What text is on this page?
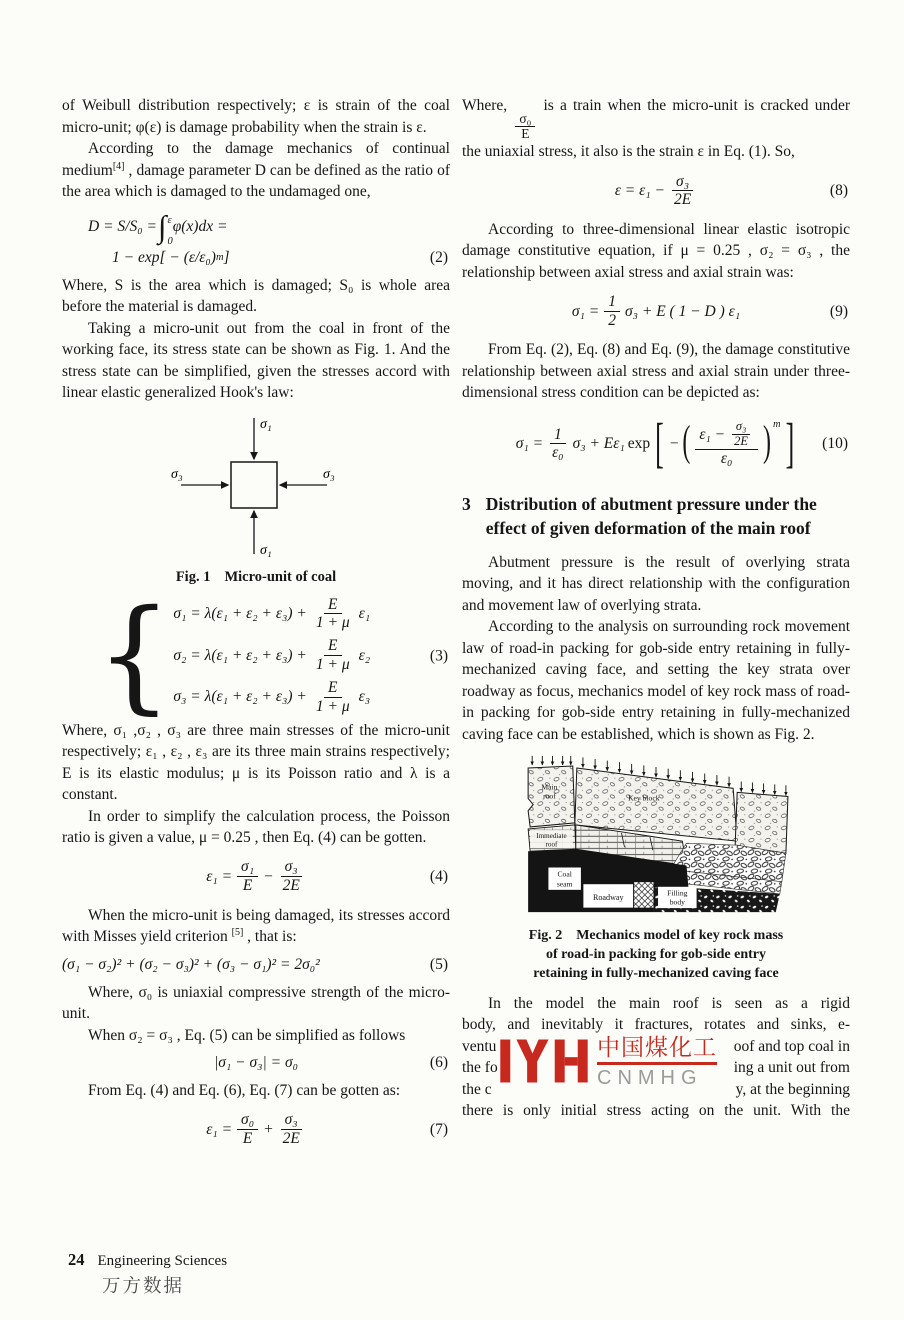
of Weibull distribution respectively; ε is strain of the coal micro-unit; φ(ε) is damage probability when the strain is ε.

According to the damage mechanics of continual medium[4] , damage parameter D can be defined as the ratio of the area which is damaged to the undamaged one,

D = S/S₀ = ∫ ε
0
φ(x)dx =
1 − exp[ − (ε/ε₀) m ]	(2)

Where, S is the area which is damaged; S₀ is whole area before the material is damaged.

Taking a micro-unit out from the coal in front of the working face, its stress state can be shown as Fig. 1. And the stress state can be simplified, given the stresses accord with linear elastic generalized Hook's law:

σ₁
σ₁
σ₃	σ₃
Fig. 1 Micro-unit of coal
{ $\sigma_1 = \lambda(\varepsilon_1 + \varepsilon_2 + \varepsilon_3) + \frac{E}{1 + \mu} \varepsilon_1$
$\sigma_2 = \lambda(\varepsilon_1 + \varepsilon_2 + \varepsilon_3) + \frac{E}{1 + \mu} \varepsilon_2$
$\sigma_3 = \lambda(\varepsilon_1 + \varepsilon_2 + \varepsilon_3) + \frac{E}{1 + \mu} \varepsilon_3$
(3)

Where, σ₁ ,σ₂ , σ₃ are three main stresses of the micro-unit respectively; ε₁ , ε₂ , ε₃ are its three main strains respectively; E is its elastic modulus; μ is its Poisson ratio and λ is a constant.

In order to simplify the calculation process, the Poisson ratio is given a value, μ = 0.25 , then Eq. (4) can be gotten.

$\varepsilon_1 = \frac{\text{σ₁}}{E} - \frac{\text{σ₃}}{2E}$	(4)

When the micro-unit is being damaged, its stresses accord with Misses yield criterion [5] , that is:

(σ₁ − σ₂)² + (σ₂ − σ₃)² + (σ₃ − σ₁)² = 2σ₀²	(5)

Where, σ₀ is uniaxial compressive strength of the micro-unit.

When σ₂ = σ₃ , Eq. (5) can be simplified as follows

|σ₁ − σ₃| = σ₀	(6)

From Eq. (4) and Eq. (6), Eq. (7) can be gotten as:

$\varepsilon_1 = \frac{\text{σ₀}}{E} + \frac{\text{σ₃}}{2E}$	(7)

Where,
$\frac{\text{σ₀}}{E}$
is a train when the micro-unit is cracked under the uniaxial stress, it also is the strain ε in Eq. (1). So,

$\varepsilon = \varepsilon_1 - \frac{\text{σ₃}}{2E}$	(8)

According to three-dimensional linear elastic isotropic damage constitutive equation, if μ = 0.25 , σ₂ = σ₃ , the relationship between axial stress and axial strain was:

$\sigma_1 = \frac{1}{2} \sigma_3 + E$ ( 1 − D ) ε₁	(9)

From Eq. (2), Eq. (8) and Eq. (9), the damage constitutive relationship between axial stress and axial strain under three-dimensional stress condition can be depicted as:

$\sigma_1 = \frac{1}{\text{ε₀}} \sigma_3 + E\varepsilon_1$ exp [ − ( $\frac{\varepsilon_1 - \frac{\text{σ₃}}{2E}}{\text{ε₀}}$ ) m ] (10)
3 Distribution of abutment pressure under the effect of given deformation of the main roof

Abutment pressure is the result of overlying strata moving, and it has direct relationship with the configuration and movement law of overlying strata.

According to the analysis on surrounding rock movement law of road-in packing for gob-side entry retaining in fully-mechanized caving face, and setting the key strata over roadway as focus, mechanics model of key rock mass of road-in packing for gob-side entry retaining in fully-mechanized caving face can be established, which is shown as Fig. 2.

Main
roof	Key block
Immediate
roof
Coal
seam
Roadway
Filling
body
Fig. 2 Mechanics model of key rock mass
of road-in packing for gob-side entry
retaining in fully-mechanized caving face
In the model the main roof is seen as a rigid
body, and inevitably it fractures, rotates and sinks, e-
ventu	oof and top coal in
the fo	ing a unit out from
the c	y, at the beginning
there is only initial stress acting on the unit. With the
中国煤化工
CNMHG
24 Engineering Sciences
万方数据
